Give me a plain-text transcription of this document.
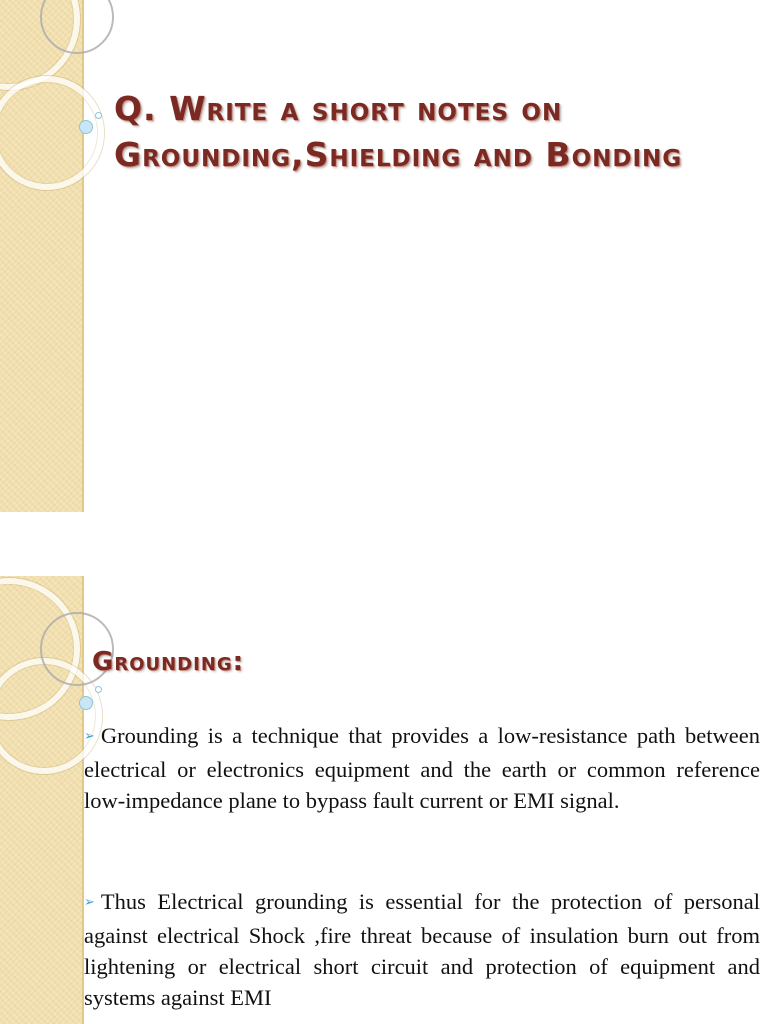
Q. Write a short notes on Grounding,Shielding and Bonding
Grounding:
➢ Grounding is a technique that provides a low-resistance path between electrical or electronics equipment and the earth or common reference low-impedance plane to bypass fault current or EMI signal.
➢ Thus Electrical grounding is essential for the protection of personal against electrical Shock ,fire threat because of insulation burn out from lightening or electrical short circuit and protection of equipment and systems against EMI
